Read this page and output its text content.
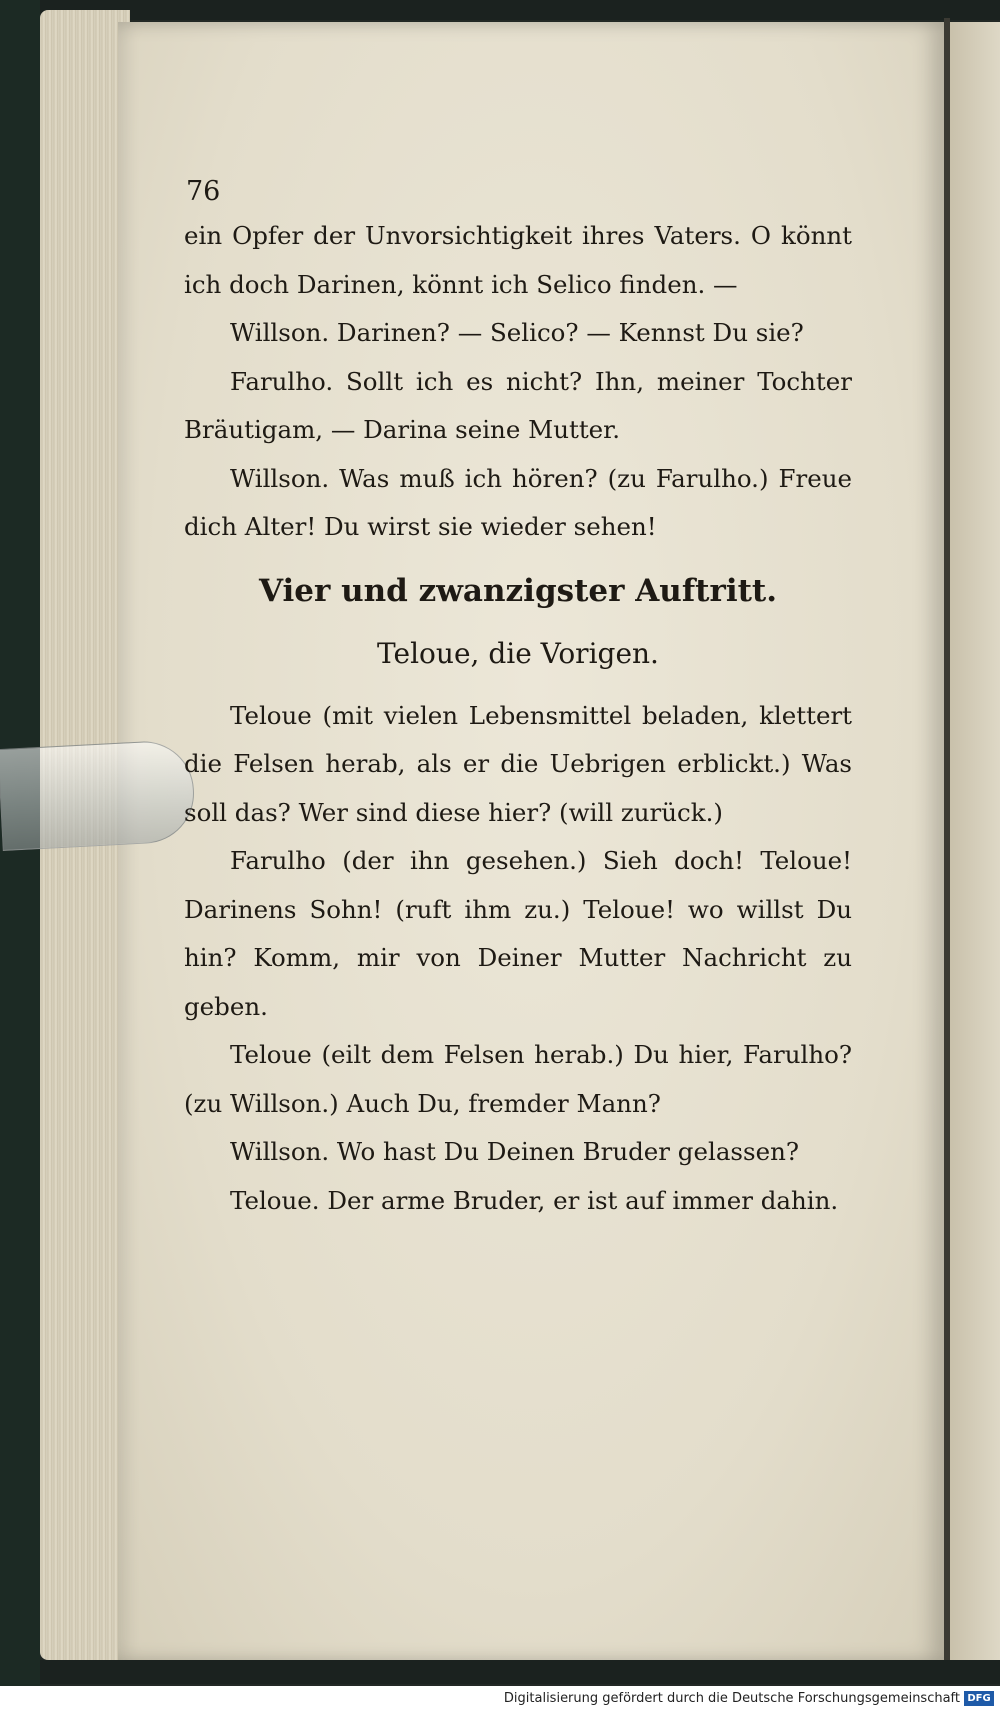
76

ein Opfer der Unvorsichtigkeit ihres Vaters. O könnt ich doch Darinen, könnt ich Selico finden. —

Willson. Darinen? — Selico? — Kennst Du sie?

Farulho. Sollt ich es nicht? Ihn, meiner Tochter Bräutigam, — Darina seine Mutter.

Willson. Was muß ich hören? (zu Farulho.) Freue dich Alter! Du wirst sie wieder sehen!

Vier und zwanzigster Auftritt.
Teloue, die Vorigen.

Teloue (mit vielen Lebensmittel beladen, klettert die Felsen herab, als er die Uebrigen erblickt.) Was soll das? Wer sind diese hier? (will zurück.)

Farulho (der ihn gesehen.) Sieh doch! Teloue! Darinens Sohn! (ruft ihm zu.) Teloue! wo willst Du hin? Komm, mir von Deiner Mutter Nachricht zu geben.

Teloue (eilt dem Felsen herab.) Du hier, Farulho? (zu Willson.) Auch Du, fremder Mann?

Willson. Wo hast Du Deinen Bruder gelassen?

Teloue. Der arme Bruder, er ist auf immer dahin.

Digitalisierung gefördert durch die Deutsche Forschungsgemeinschaft DFG
